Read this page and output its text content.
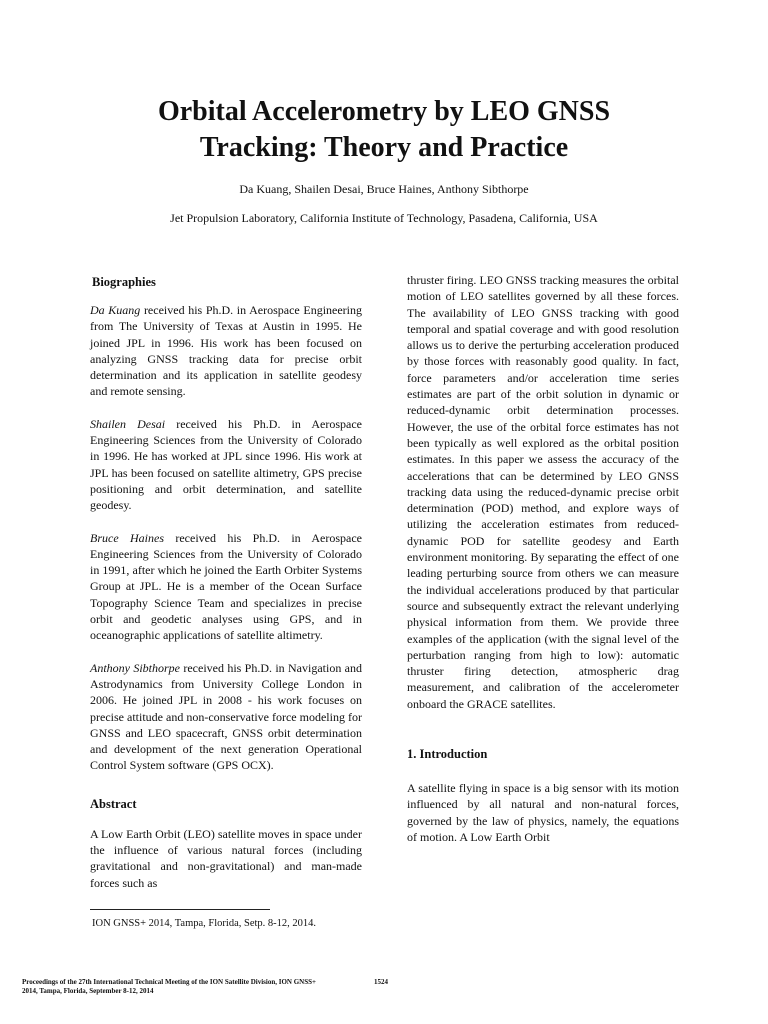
Orbital Accelerometry by LEO GNSS
Tracking: Theory and Practice
Da Kuang, Shailen Desai, Bruce Haines, Anthony Sibthorpe
Jet Propulsion Laboratory, California Institute of Technology, Pasadena, California, USA

Biographies

Da Kuang received his Ph.D. in Aerospace Engineering from The University of Texas at Austin in 1995. He joined JPL in 1996. His work has been focused on analyzing GNSS tracking data for precise orbit determination and its application in satellite geodesy and remote sensing.

Shailen Desai received his Ph.D. in Aerospace Engineering Sciences from the University of Colorado in 1996. He has worked at JPL since 1996. His work at JPL has been focused on satellite altimetry, GPS precise positioning and orbit determination, and satellite geodesy.

Bruce Haines received his Ph.D. in Aerospace Engineering Sciences from the University of Colorado in 1991, after which he joined the Earth Orbiter Systems Group at JPL. He is a member of the Ocean Surface Topography Science Team and specializes in precise orbit and geodetic analyses using GPS, and in oceanographic applications of satellite altimetry.

Anthony Sibthorpe received his Ph.D. in Navigation and Astrodynamics from University College London in 2006. He joined JPL in 2008 - his work focuses on precise attitude and non-conservative force modeling for GNSS and LEO spacecraft, GNSS orbit determination and development of the next generation Operational Control System software (GPS OCX).

Abstract

A Low Earth Orbit (LEO) satellite moves in space under the influence of various natural forces (including gravitational and non-gravitational) and man-made forces such as

thruster firing. LEO GNSS tracking measures the orbital motion of LEO satellites governed by all these forces. The availability of LEO GNSS tracking with good temporal and spatial coverage and with good resolution allows us to derive the perturbing acceleration produced by those forces with reasonably good quality. In fact, force parameters and/or acceleration time series estimates are part of the orbit solution in dynamic or reduced-dynamic orbit determination processes. However, the use of the orbital force estimates has not been typically as well explored as the orbital position estimates. In this paper we assess the accuracy of the accelerations that can be determined by LEO GNSS tracking data using the reduced-dynamic precise orbit determination (POD) method, and explore ways of utilizing the acceleration estimates from reduced-dynamic POD for satellite geodesy and Earth environment monitoring. By separating the effect of one leading perturbing source from others we can measure the individual accelerations produced by that particular source and subsequently extract the relevant underlying physical information from them. We provide three examples of the application (with the signal level of the perturbation ranging from high to low): automatic thruster firing detection, atmospheric drag measurement, and calibration of the accelerometer onboard the GRACE satellites.

1. Introduction

A satellite flying in space is a big sensor with its motion influenced by all natural and non-natural forces, governed by the law of physics, namely, the equations of motion. A Low Earth Orbit

ION GNSS+ 2014, Tampa, Florida, Setp. 8-12, 2014.
Proceedings of the 27th International Technical Meeting of the ION Satellite Division, ION GNSS+ 2014, Tampa, Florida, September 8-12, 2014
1524
